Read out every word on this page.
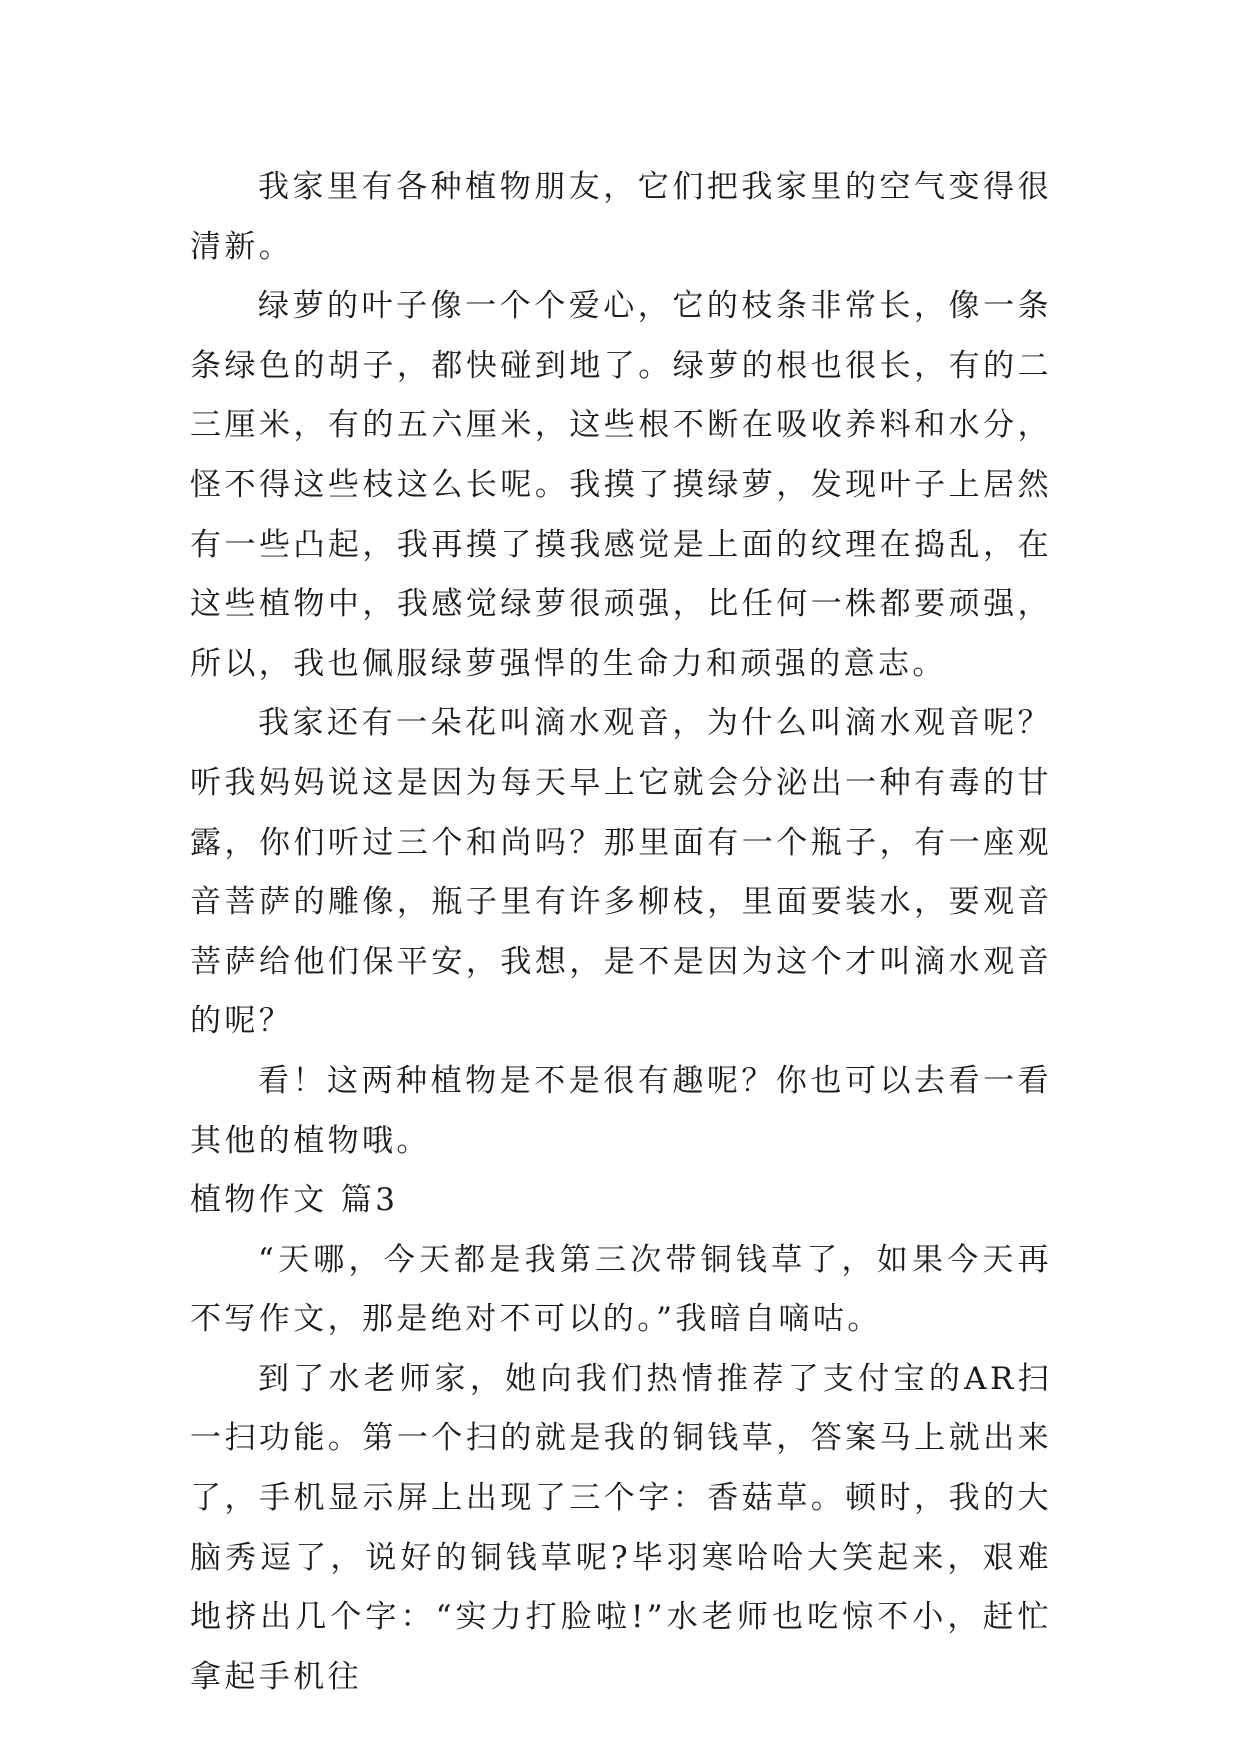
我家里有各种植物朋友，它们把我家里的空气变得很清新。

绿萝的叶子像一个个爱心，它的枝条非常长，像一条条绿色的胡子，都快碰到地了。绿萝的根也很长，有的二三厘米，有的五六厘米，这些根不断在吸收养料和水分，怪不得这些枝这么长呢。我摸了摸绿萝，发现叶子上居然有一些凸起，我再摸了摸我感觉是上面的纹理在捣乱，在这些植物中，我感觉绿萝很顽强，比任何一株都要顽强，所以，我也佩服绿萝强悍的生命力和顽强的意志。

我家还有一朵花叫滴水观音，为什么叫滴水观音呢？听我妈妈说这是因为每天早上它就会分泌出一种有毒的甘露，你们听过三个和尚吗？那里面有一个瓶子，有一座观音菩萨的雕像，瓶子里有许多柳枝，里面要装水，要观音菩萨给他们保平安，我想，是不是因为这个才叫滴水观音的呢？

看！这两种植物是不是很有趣呢？你也可以去看一看其他的植物哦。

植物作文 篇3

“天哪，今天都是我第三次带铜钱草了，如果今天再不写作文，那是绝对不可以的。”我暗自嘀咕。

到了水老师家，她向我们热情推荐了支付宝的AR扫一扫功能。第一个扫的就是我的铜钱草，答案马上就出来了，手机显示屏上出现了三个字：香菇草。顿时，我的大脑秀逗了，说好的铜钱草呢?毕羽寒哈哈大笑起来，艰难地挤出几个字：“实力打脸啦!”水老师也吃惊不小，赶忙拿起手机往
